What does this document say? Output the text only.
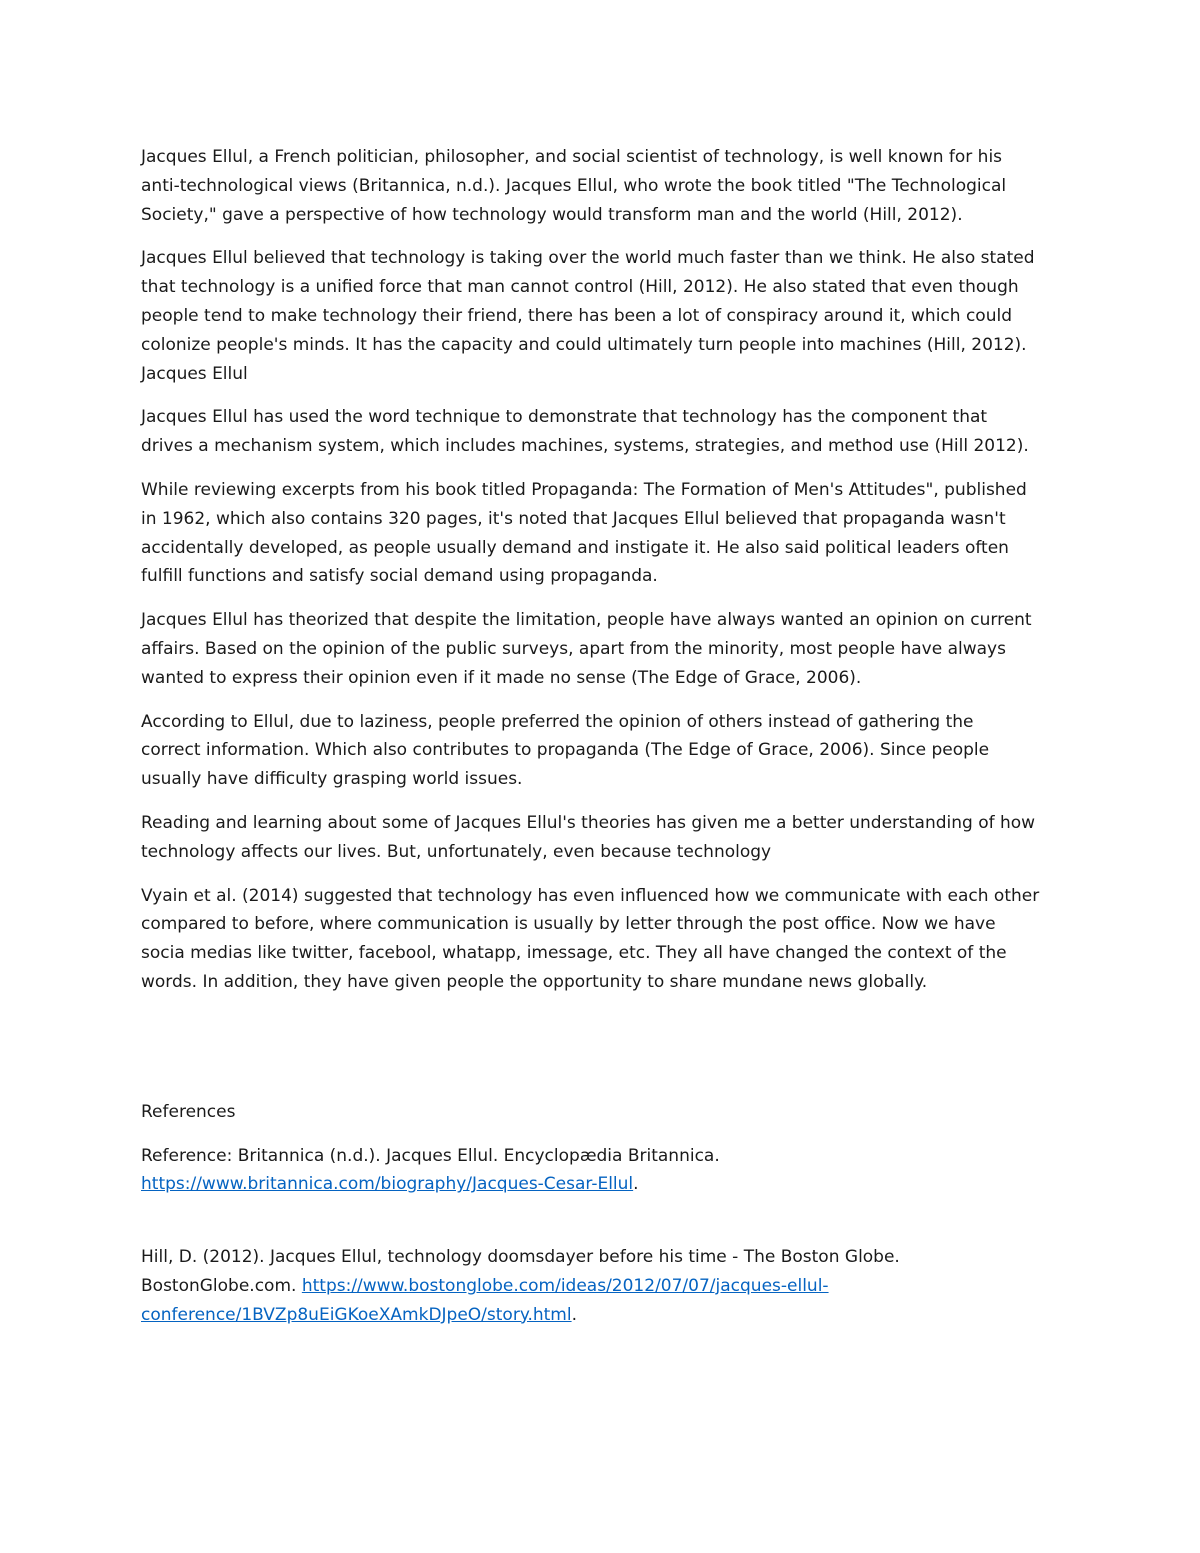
Jacques Ellul, a French politician, philosopher, and social scientist of technology, is well known for his
anti-technological views (Britannica, n.d.). Jacques Ellul, who wrote the book titled "The Technological
Society," gave a perspective of how technology would transform man and the world (Hill, 2012).

Jacques Ellul believed that technology is taking over the world much faster than we think. He also stated
that technology is a unified force that man cannot control (Hill, 2012). He also stated that even though
people tend to make technology their friend, there has been a lot of conspiracy around it, which could
colonize people's minds. It has the capacity and could ultimately turn people into machines (Hill, 2012).
Jacques Ellul

Jacques Ellul has used the word technique to demonstrate that technology has the component that
drives a mechanism system, which includes machines, systems, strategies, and method use (Hill 2012).

While reviewing excerpts from his book titled Propaganda: The Formation of Men's Attitudes", published
in 1962, which also contains 320 pages, it's noted that Jacques Ellul believed that propaganda wasn't
accidentally developed, as people usually demand and instigate it. He also said political leaders often
fulfill functions and satisfy social demand using propaganda.

Jacques Ellul has theorized that despite the limitation, people have always wanted an opinion on current
affairs. Based on the opinion of the public surveys, apart from the minority, most people have always
wanted to express their opinion even if it made no sense (The Edge of Grace, 2006).

According to Ellul, due to laziness, people preferred the opinion of others instead of gathering the
correct information. Which also contributes to propaganda (The Edge of Grace, 2006). Since people
usually have difficulty grasping world issues.

Reading and learning about some of Jacques Ellul's theories has given me a better understanding of how
technology affects our lives. But, unfortunately, even because technology

Vyain et al. (2014) suggested that technology has even influenced how we communicate with each other
compared to before, where communication is usually by letter through the post office. Now we have
socia medias like twitter, facebool, whatapp, imessage, etc. They all have changed the context of the
words. In addition, they have given people the opportunity to share mundane news globally.

References

Reference: Britannica (n.d.). Jacques Ellul. Encyclopædia Britannica.
https://www.britannica.com/biography/Jacques-Cesar-Ellul.

Hill, D. (2012). Jacques Ellul, technology doomsdayer before his time - The Boston Globe.
BostonGlobe.com. https://www.bostonglobe.com/ideas/2012/07/07/jacques-ellul-
conference/1BVZp8uEiGKoeXAmkDJpeO/story.html.
